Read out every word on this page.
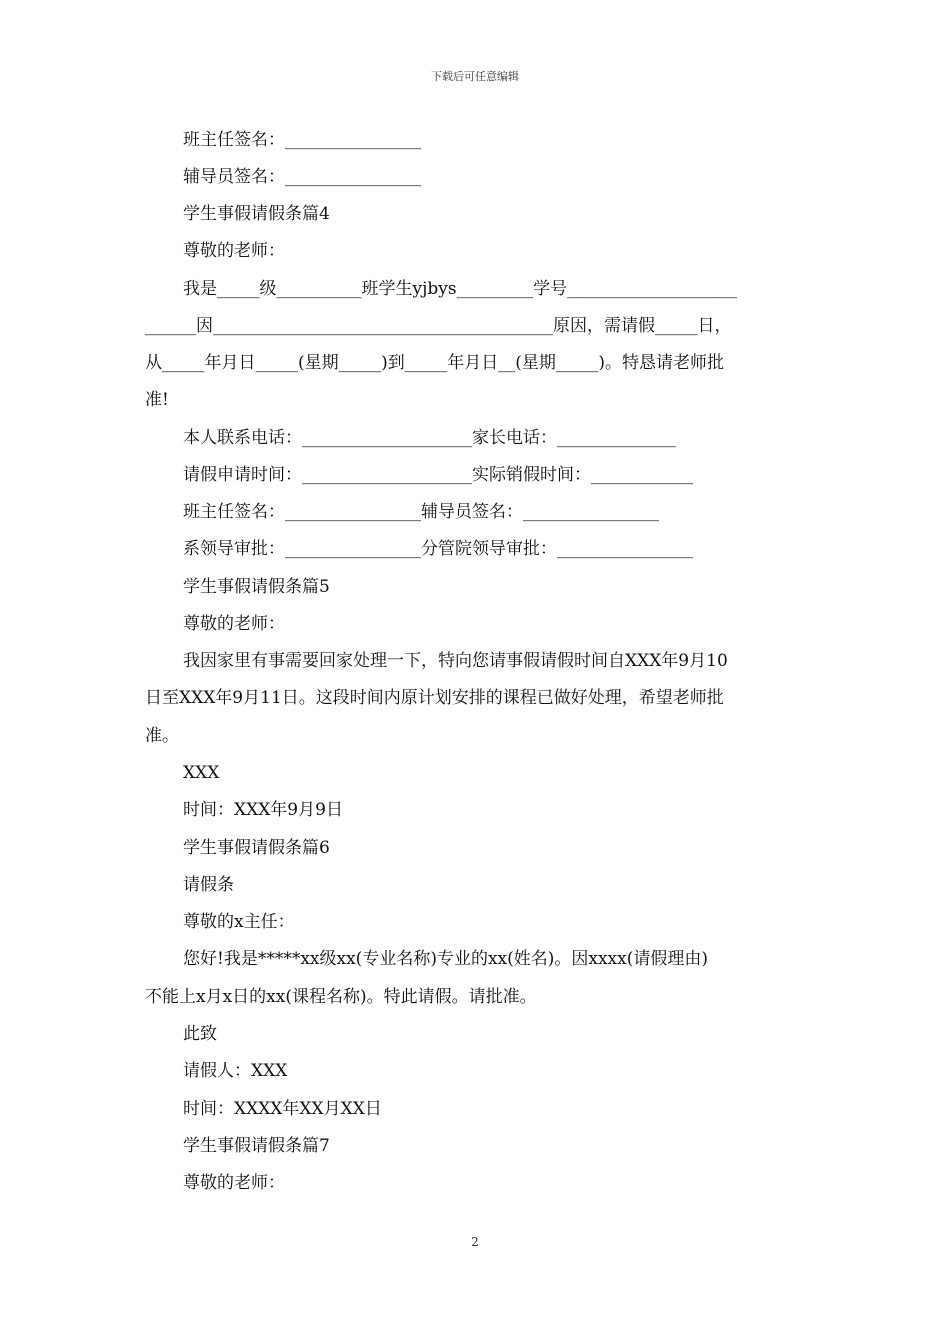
下载后可任意编辑
班主任签名：________________
辅导员签名：________________
学生事假请假条篇4
尊敬的老师：
我是_____级__________班学生yjbys_________学号____________________
______因________________________________________原因，需请假_____日，
从_____年月日_____(星期_____)到_____年月日__(星期_____)。特恳请老师批
准!
本人联系电话：____________________家长电话：______________
请假申请时间：____________________实际销假时间：____________
班主任签名：________________辅导员签名：________________
系领导审批：________________分管院领导审批：________________
学生事假请假条篇5
尊敬的老师：
我因家里有事需要回家处理一下，特向您请事假请假时间自XXX年9月10
日至XXX年9月11日。这段时间内原计划安排的课程已做好处理，希望老师批
准。
XXX
时间：XXX年9月9日
学生事假请假条篇6
请假条
尊敬的x主任：
您好!我是*****xx级xx(专业名称)专业的xx(姓名)。因xxxx(请假理由)
不能上x月x日的xx(课程名称)。特此请假。请批准。
此致
请假人：XXX
时间：XXXX年XX月XX日
学生事假请假条篇7
尊敬的老师：
2
